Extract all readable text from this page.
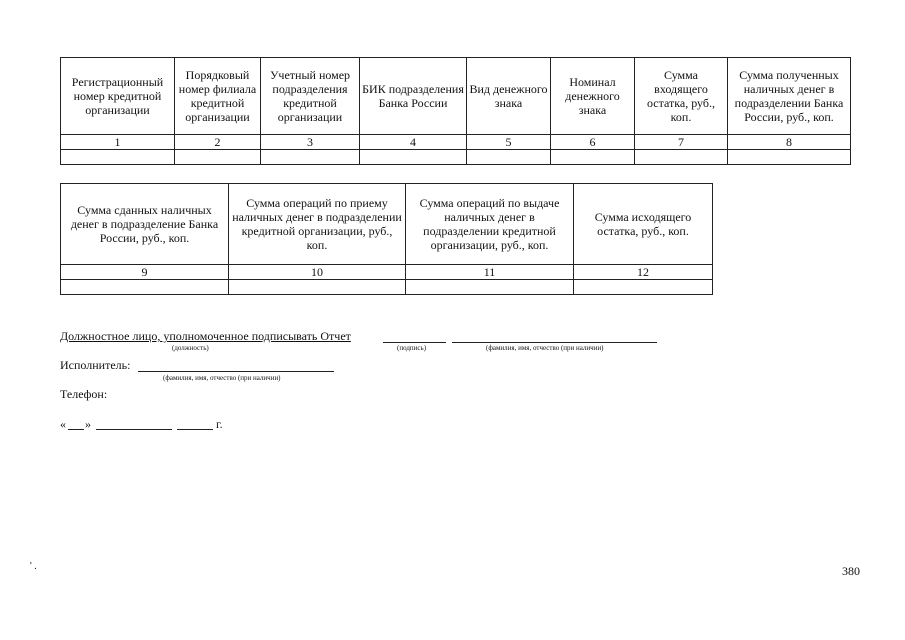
Регистрационный номер кредитной организации	Порядковый номер филиала кредитной организации	Учетный номер подразделения кредитной организации	БИК подразделения Банка России	Вид денежного знака	Номинал денежного знака	Сумма входящего остатка, руб., коп.	Сумма полученных наличных денег в подразделении Банка России, руб., коп.
1	2	3	4	5	6	7	8

Сумма сданных наличных денег в подразделение Банка России, руб., коп.	Сумма операций по приему наличных денег в подразделении кредитной организации, руб., коп.	Сумма операций по выдаче наличных денег в подразделении кредитной организации, руб., коп.	Сумма исходящего остатка, руб., коп.
9	10	11	12

Должностное лицо, уполномоченное подписывать Отчет
(должность)	(подпись)	(фамилия, имя, отчество (при наличии)
Исполнитель:
(фамилия, имя, отчество (при наличии)
Телефон:
« »	г.
' .	380
